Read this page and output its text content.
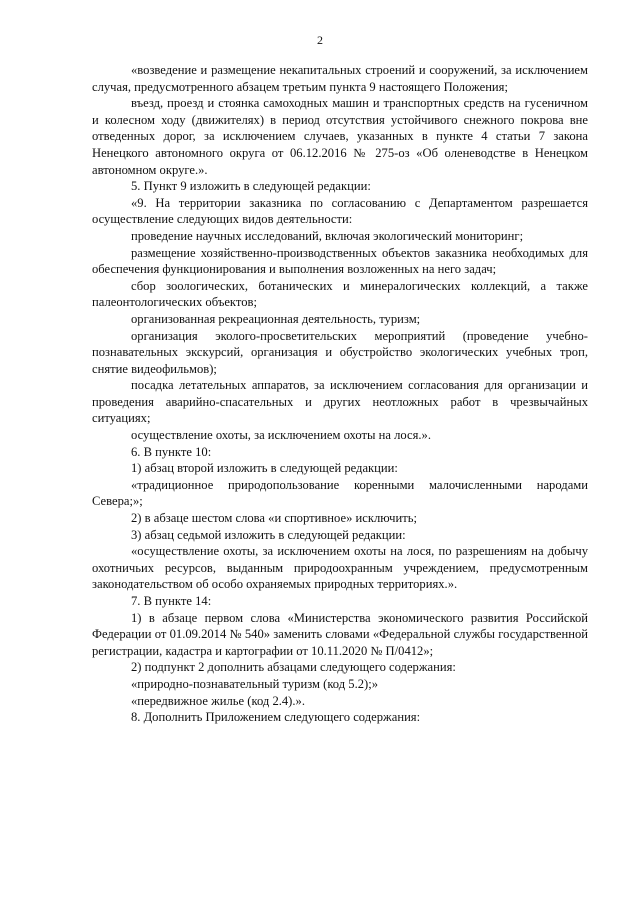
2

«возведение и размещение некапитальных строений и сооружений, за исключением случая, предусмотренного абзацем третьим пункта 9 настоящего Положения;

въезд, проезд и стоянка самоходных машин и транспортных средств на гусеничном и колесном ходу (движителях) в период отсутствия устойчивого снежного покрова вне отведенных дорог, за исключением случаев, указанных в пункте 4 статьи 7 закона Ненецкого автономного округа от 06.12.2016 № 275-оз «Об оленеводстве в Ненецком автономном округе.».

5. Пункт 9 изложить в следующей редакции:

«9. На территории заказника по согласованию с Департаментом разрешается осуществление следующих видов деятельности:

проведение научных исследований, включая экологический мониторинг;

размещение хозяйственно-производственных объектов заказника необходимых для обеспечения функционирования и выполнения возложенных на него задач;

сбор зоологических, ботанических и минералогических коллекций, а также палеонтологических объектов;

организованная рекреационная деятельность, туризм;

организация эколого-просветительских мероприятий (проведение учебно-познавательных экскурсий, организация и обустройство экологических учебных троп, снятие видеофильмов);

посадка летательных аппаратов, за исключением согласования для организации и проведения аварийно-спасательных и других неотложных работ в чрезвычайных ситуациях;

осуществление охоты, за исключением охоты на лося.».

6. В пункте 10:

1) абзац второй изложить в следующей редакции:

«традиционное природопользование коренными малочисленными народами Севера;»;

2) в абзаце шестом слова «и спортивное» исключить;

3) абзац седьмой изложить в следующей редакции:

«осуществление охоты, за исключением охоты на лося, по разрешениям на добычу охотничьих ресурсов, выданным природоохранным учреждением, предусмотренным законодательством об особо охраняемых природных территориях.».

7. В пункте 14:

1) в абзаце первом слова «Министерства экономического развития Российской Федерации от 01.09.2014 № 540» заменить словами «Федеральной службы государственной регистрации, кадастра и картографии от 10.11.2020 № П/0412»;

2) подпункт 2 дополнить абзацами следующего содержания:

«природно-познавательный туризм (код 5.2);»

«передвижное жилье (код 2.4).».

8. Дополнить Приложением следующего содержания:
